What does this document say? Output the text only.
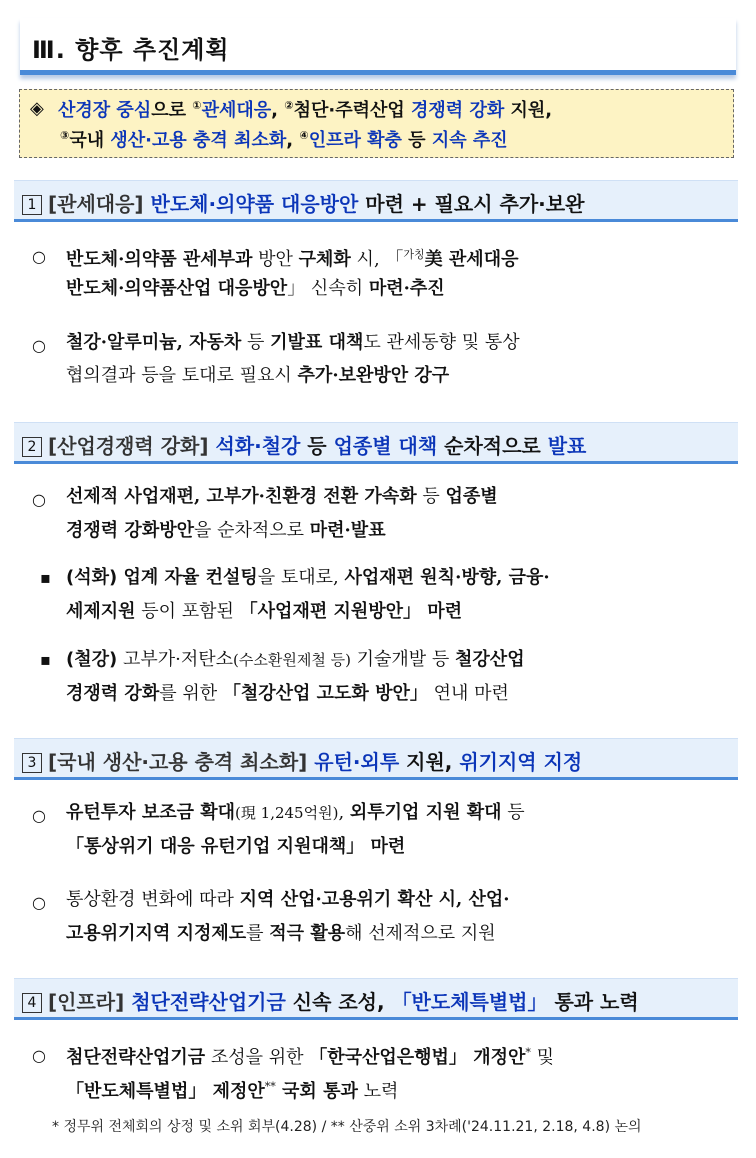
Ⅲ. 향후 추진계획
◈ 산경장 중심으로 ①관세대응, ②첨단·주력산업 경쟁력 강화 지원,
③국내 생산·고용 충격 최소화, ④인프라 확충 등 지속 추진
1 [관세대응] 반도체·의약품 대응방안 마련 + 필요시 추가·보완
○ 반도체·의약품 관세부과 방안 구체화 시, 「$^{가칭}$美 관세대응
반도체·의약품산업 대응방안」 신속히 마련·추진
○ 철강·알루미늄, 자동차 등 기발표 대책도 관세동향 및 통상
협의결과 등을 토대로 필요시 추가·보완방안 강구
2 [산업경쟁력 강화] 석화·철강 등 업종별 대책 순차적으로 발표
○ 선제적 사업재편, 고부가·친환경 전환 가속화 등 업종별
경쟁력 강화방안을 순차적으로 마련·발표
▪ (석화) 업계 자율 컨설팅을 토대로, 사업재편 원칙·방향, 금융·
세제지원 등이 포함된 「사업재편 지원방안」 마련
▪ (철강) 고부가·저탄소(수소환원제철 등) 기술개발 등 철강산업
경쟁력 강화를 위한 「철강산업 고도화 방안」 연내 마련
3 [국내 생산·고용 충격 최소화] 유턴·외투 지원, 위기지역 지정
○ 유턴투자 보조금 확대(現 1,245억원), 외투기업 지원 확대 등
「통상위기 대응 유턴기업 지원대책」 마련
○ 통상환경 변화에 따라 지역 산업·고용위기 확산 시, 산업·
고용위기지역 지정제도를 적극 활용해 선제적으로 지원
4 [인프라] 첨단전략산업기금 신속 조성, 「반도체특별법」 통과 노력
○ 첨단전략산업기금 조성을 위한 「한국산업은행법」 개정안* 및
「반도체특별법」 제정안** 국회 통과 노력
* 정무위 전체회의 상정 및 소위 회부(4.28) / ** 산중위 소위 3차례('24.11.21, 2.18, 4.8) 논의
